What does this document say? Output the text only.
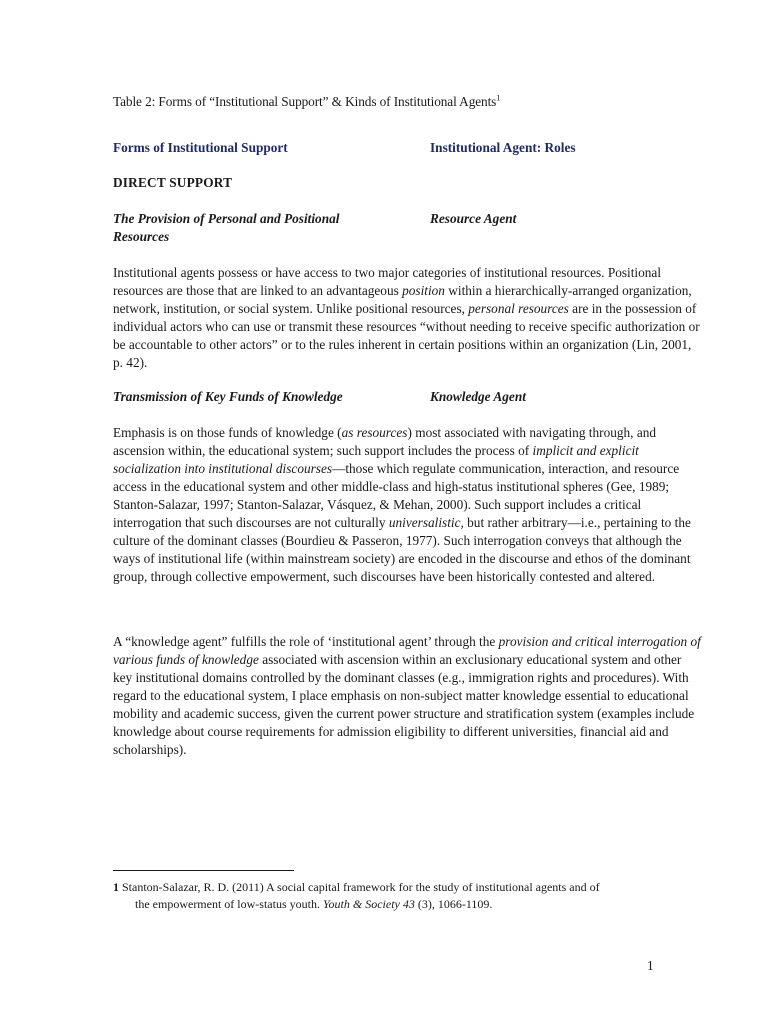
Table 2: Forms of “Institutional Support” & Kinds of Institutional Agents$^1$

Forms of Institutional Support	Institutional Agent: Roles

DIRECT SUPPORT

The Provision of Personal and Positional Resources
Resource Agent

Institutional agents possess or have access to two major categories of institutional resources. Positional resources are those that are linked to an advantageous position within a hierarchically-arranged organization, network, institution, or social system. Unlike positional resources, personal resources are in the possession of individual actors who can use or transmit these resources “without needing to receive specific authorization or be accountable to other actors” or to the rules inherent in certain positions within an organization (Lin, 2001, p. 42).

Transmission of Key Funds of Knowledge	Knowledge Agent

Emphasis is on those funds of knowledge (as resources) most associated with navigating through, and ascension within, the educational system; such support includes the process of implicit and explicit socialization into institutional discourses—those which regulate communication, interaction, and resource access in the educational system and other middle-class and high-status institutional spheres (Gee, 1989; Stanton-Salazar, 1997; Stanton-Salazar, Vásquez, & Mehan, 2000). Such support includes a critical interrogation that such discourses are not culturally universalistic, but rather arbitrary—i.e., pertaining to the culture of the dominant classes (Bourdieu & Passeron, 1977). Such interrogation conveys that although the ways of institutional life (within mainstream society) are encoded in the discourse and ethos of the dominant group, through collective empowerment, such discourses have been historically contested and altered.

A “knowledge agent” fulfills the role of ‘institutional agent’ through the provision and critical interrogation of various funds of knowledge associated with ascension within an exclusionary educational system and other key institutional domains controlled by the dominant classes (e.g., immigration rights and procedures). With regard to the educational system, I place emphasis on non-subject matter knowledge essential to educational mobility and academic success, given the current power structure and stratification system (examples include knowledge about course requirements for admission eligibility to different universities, financial aid and scholarships).

1 Stanton-Salazar, R. D. (2011) A social capital framework for the study of institutional agents and of
the empowerment of low-status youth. Youth & Society 43 (3), 1066-1109.
1
